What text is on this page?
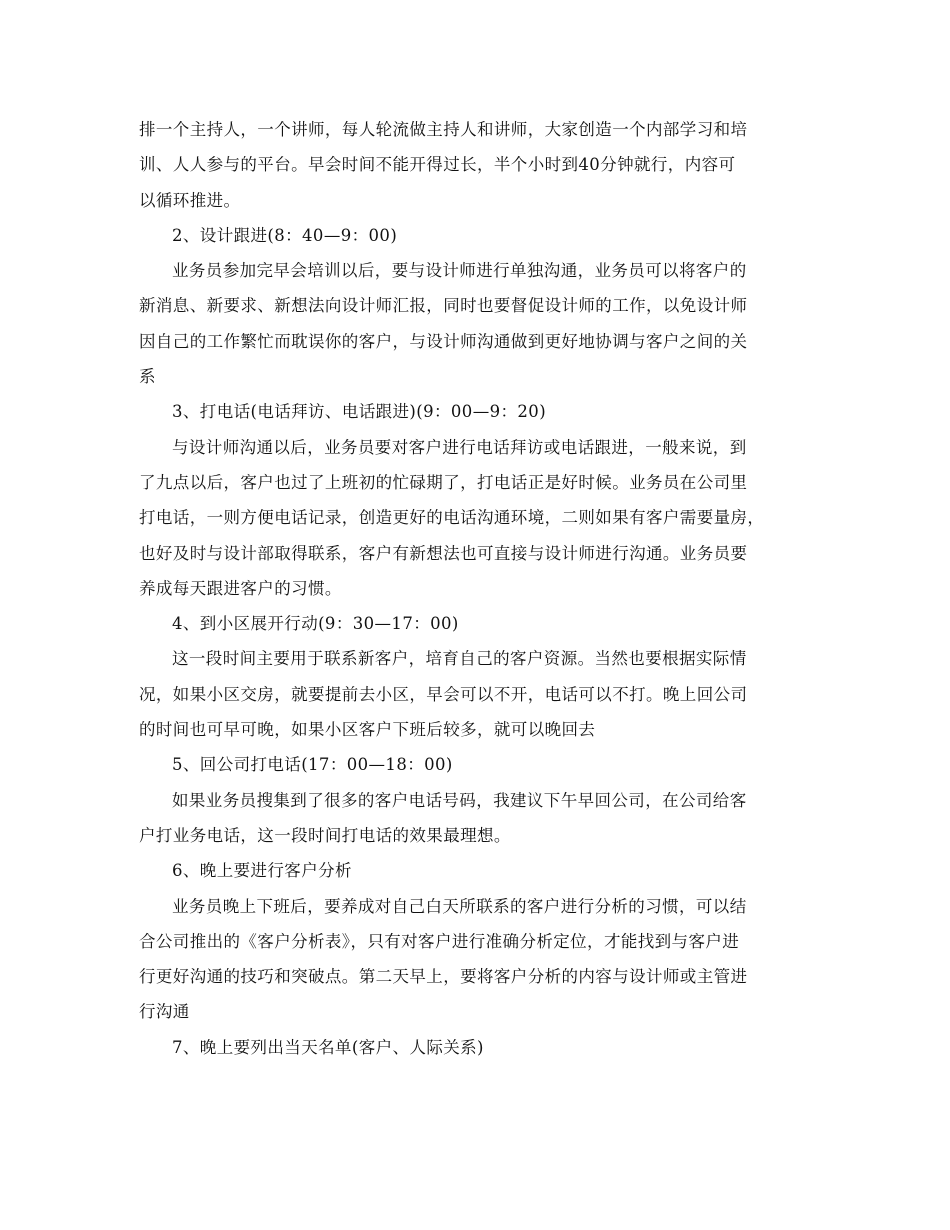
排一个主持人，一个讲师，每人轮流做主持人和讲师，大家创造一个内部学习和培
训、人人参与的平台。早会时间不能开得过长，半个小时到40分钟就行，内容可
以循环推进。
2、设计跟进(8：40—9：00)
业务员参加完早会培训以后，要与设计师进行单独沟通，业务员可以将客户的
新消息、新要求、新想法向设计师汇报，同时也要督促设计师的工作，以免设计师
因自己的工作繁忙而耽误你的客户，与设计师沟通做到更好地协调与客户之间的关
系
3、打电话(电话拜访、电话跟进)(9：00—9：20)
与设计师沟通以后，业务员要对客户进行电话拜访或电话跟进，一般来说，到
了九点以后，客户也过了上班初的忙碌期了，打电话正是好时候。业务员在公司里
打电话，一则方便电话记录，创造更好的电话沟通环境，二则如果有客户需要量房，
也好及时与设计部取得联系，客户有新想法也可直接与设计师进行沟通。业务员要
养成每天跟进客户的习惯。
4、到小区展开行动(9：30—17：00)
这一段时间主要用于联系新客户，培育自己的客户资源。当然也要根据实际情
况，如果小区交房，就要提前去小区，早会可以不开，电话可以不打。晚上回公司
的时间也可早可晚，如果小区客户下班后较多，就可以晚回去
5、回公司打电话(17：00—18：00)
如果业务员搜集到了很多的客户电话号码，我建议下午早回公司，在公司给客
户打业务电话，这一段时间打电话的效果最理想。
6、晚上要进行客户分析
业务员晚上下班后，要养成对自己白天所联系的客户进行分析的习惯，可以结
合公司推出的《客户分析表》，只有对客户进行准确分析定位，才能找到与客户进
行更好沟通的技巧和突破点。第二天早上，要将客户分析的内容与设计师或主管进
行沟通
7、晚上要列出当天名单(客户、人际关系)
